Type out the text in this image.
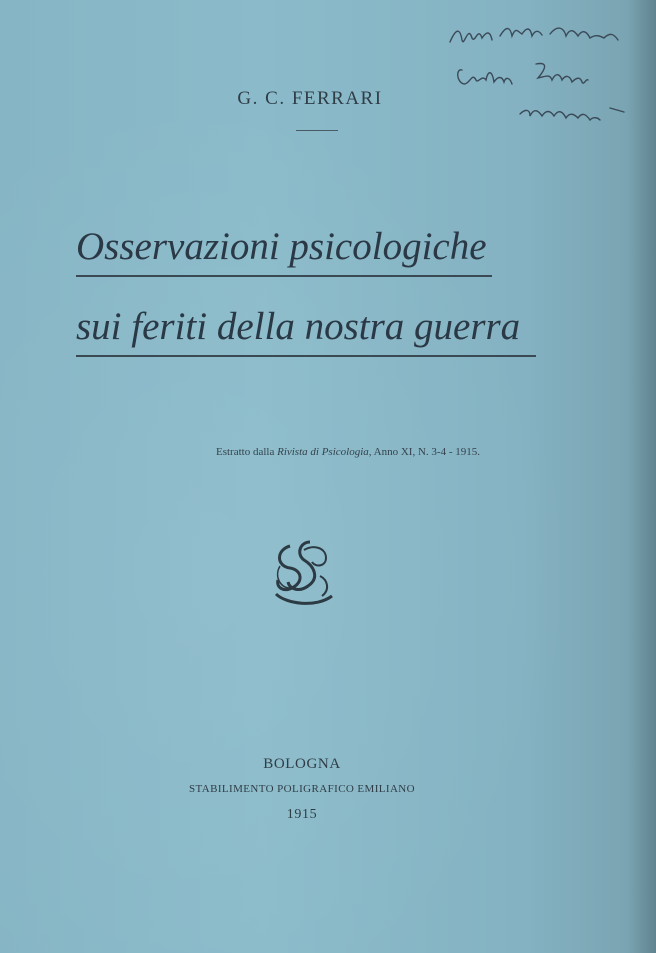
G. C. FERRARI
Osservazioni psicologiche
sui feriti della nostra guerra
Estratto dalla Rivista di Psicologia, Anno XI, N. 3-4 - 1915.
BOLOGNA
STABILIMENTO POLIGRAFICO EMILIANO
1915
